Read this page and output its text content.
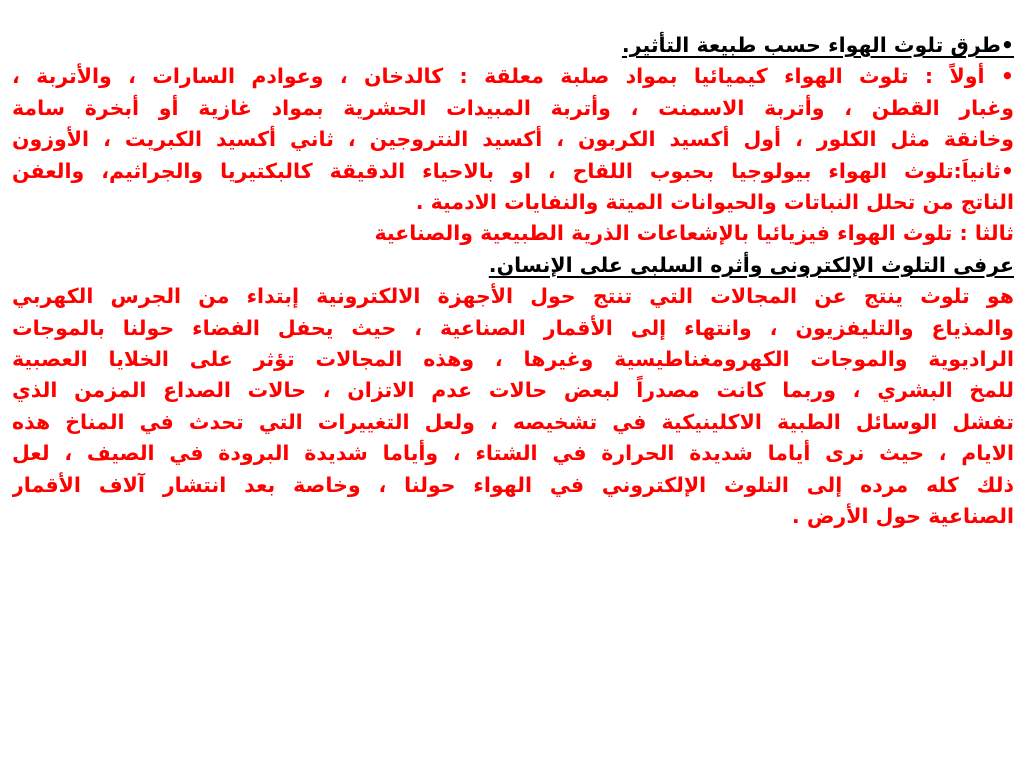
•طرق تلوث الهواء حسب طبيعة التأثير.
• أولاً : تلوث الهواء كيميائيا بمواد صلبة معلقة : كالدخان ، وعوادم السارات ، والأتربة ،
وغبار القطن ، وأتربة الاسمنت ، وأتربة المبيدات الحشرية بمواد غازية أو أبخرة سامة
وخانقة مثل الكلور ، أول أكسيد الكربون ، أكسيد النتروجين ، ثاني أكسيد الكبريت ، الأوزون
•ثانياَ:تلوث الهواء بيولوجيا بحبوب اللقاح ، او بالاحياء الدقيقة كالبكتيريا والجراثيم، والعفن
الناتج من تحلل النباتات والحيوانات الميتة والنفايات الادمية .
ثالثا : تلوث الهواء فيزيائيا بالإشعاعات الذرية الطبيعية والصناعية
عرفى التلوث الإلكترونى وأثره السلبى على الإنسان.
هو تلوث ينتج عن المجالات التي تنتج حول الأجهزة الالكترونية إبتداء من الجرس الكهربي
والمذياع والتليفزيون ، وانتهاء إلى الأقمار الصناعية ، حيث يحفل الفضاء حولنا بالموجات
الراديوية والموجات الكهرومغناطيسية وغيرها ، وهذه المجالات تؤثر على الخلايا العصبية
للمخ البشري ، وربما كانت مصدراً لبعض حالات عدم الاتزان ، حالات الصداع المزمن الذي
تفشل الوسائل الطبية الاكلينيكية في تشخيصه ، ولعل التغييرات التي تحدث في المناخ هذه
الايام ، حيث نرى أياما شديدة الحرارة في الشتاء ، وأياما شديدة البرودة في الصيف ، لعل
ذلك كله مرده إلى التلوث الإلكتروني في الهواء حولنا ، وخاصة بعد انتشار آلاف الأقمار
الصناعية حول الأرض .
